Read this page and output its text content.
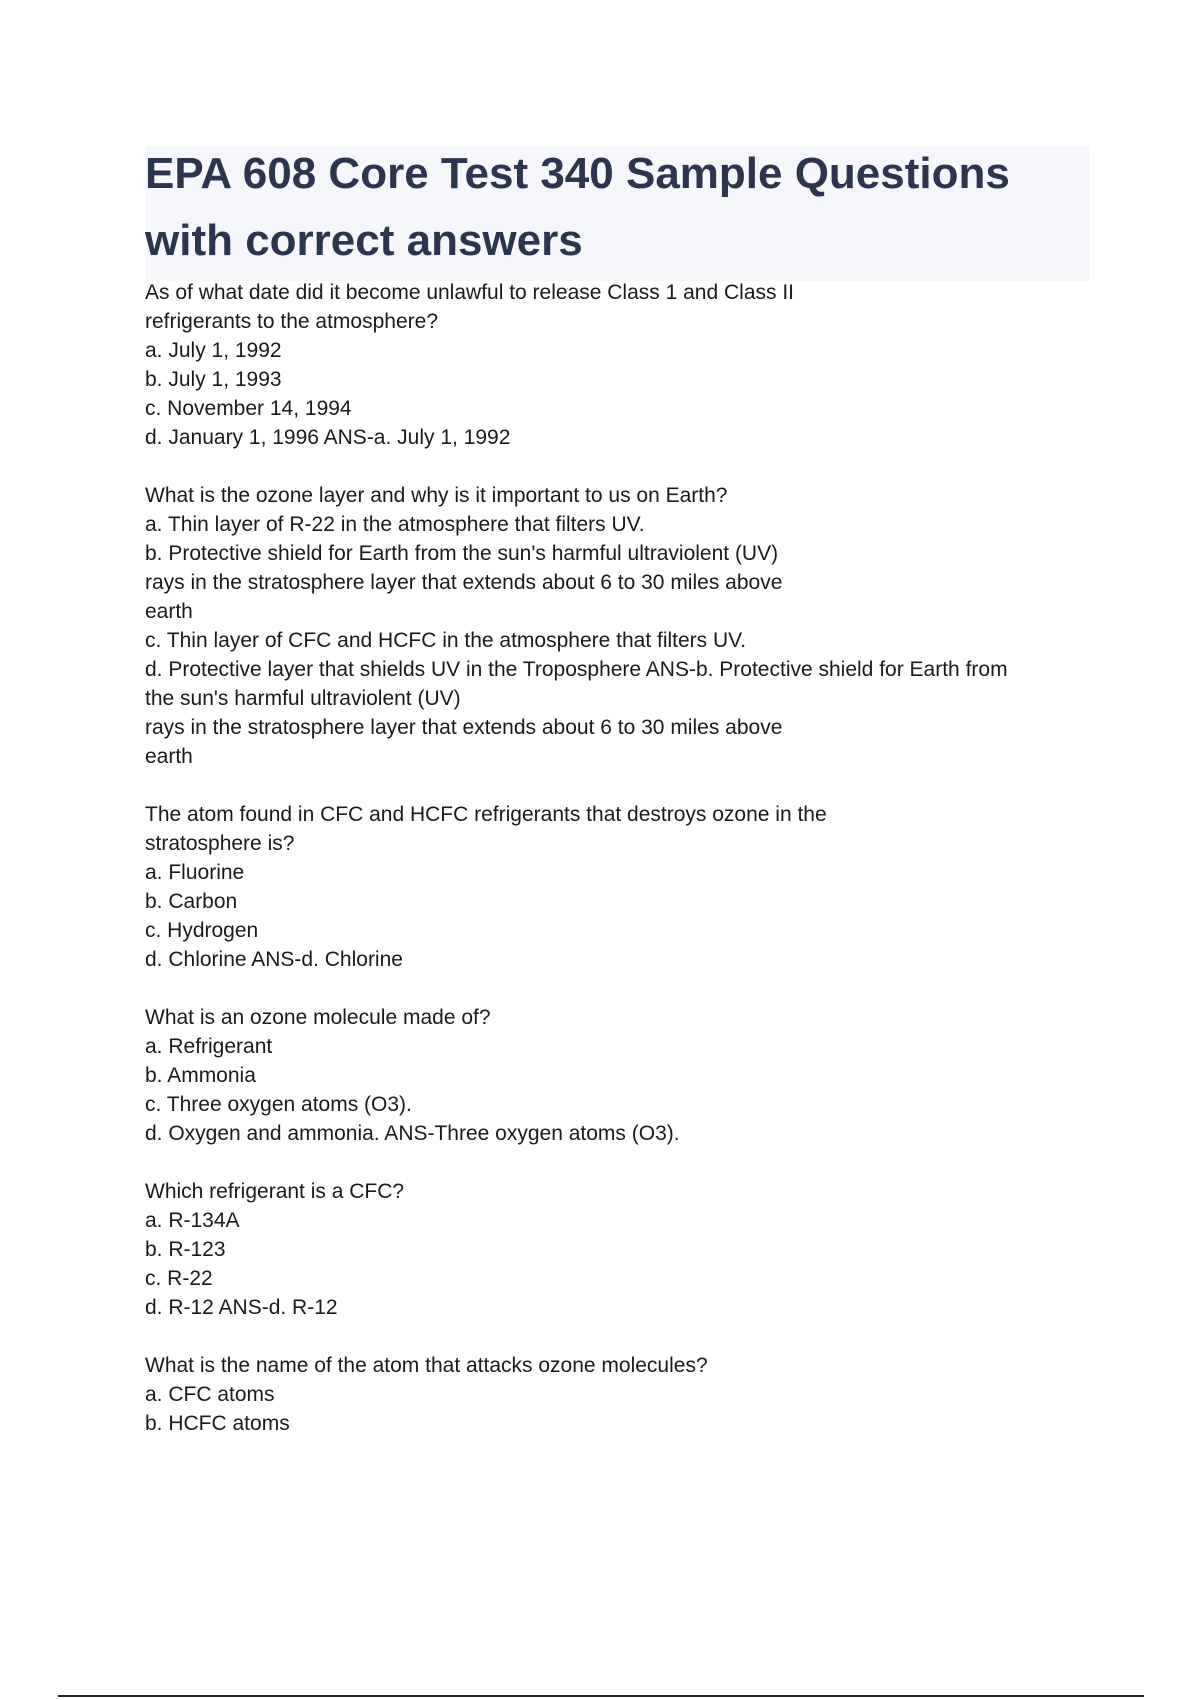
EPA 608 Core Test 340 Sample Questions
with correct answers
As of what date did it become unlawful to release Class 1 and Class II
refrigerants to the atmosphere?
a. July 1, 1992
b. July 1, 1993
c. November 14, 1994
d. January 1, 1996 ANS-a. July 1, 1992
What is the ozone layer and why is it important to us on Earth?
a. Thin layer of R-22 in the atmosphere that filters UV.
b. Protective shield for Earth from the sun's harmful ultraviolent (UV)
rays in the stratosphere layer that extends about 6 to 30 miles above
earth
c. Thin layer of CFC and HCFC in the atmosphere that filters UV.
d. Protective layer that shields UV in the Troposphere ANS-b. Protective shield for Earth from
the sun's harmful ultraviolent (UV)
rays in the stratosphere layer that extends about 6 to 30 miles above
earth
The atom found in CFC and HCFC refrigerants that destroys ozone in the
stratosphere is?
a. Fluorine
b. Carbon
c. Hydrogen
d. Chlorine ANS-d. Chlorine
What is an ozone molecule made of?
a. Refrigerant
b. Ammonia
c. Three oxygen atoms (O3).
d. Oxygen and ammonia. ANS-Three oxygen atoms (O3).
Which refrigerant is a CFC?
a. R-134A
b. R-123
c. R-22
d. R-12 ANS-d. R-12
What is the name of the atom that attacks ozone molecules?
a. CFC atoms
b. HCFC atoms
